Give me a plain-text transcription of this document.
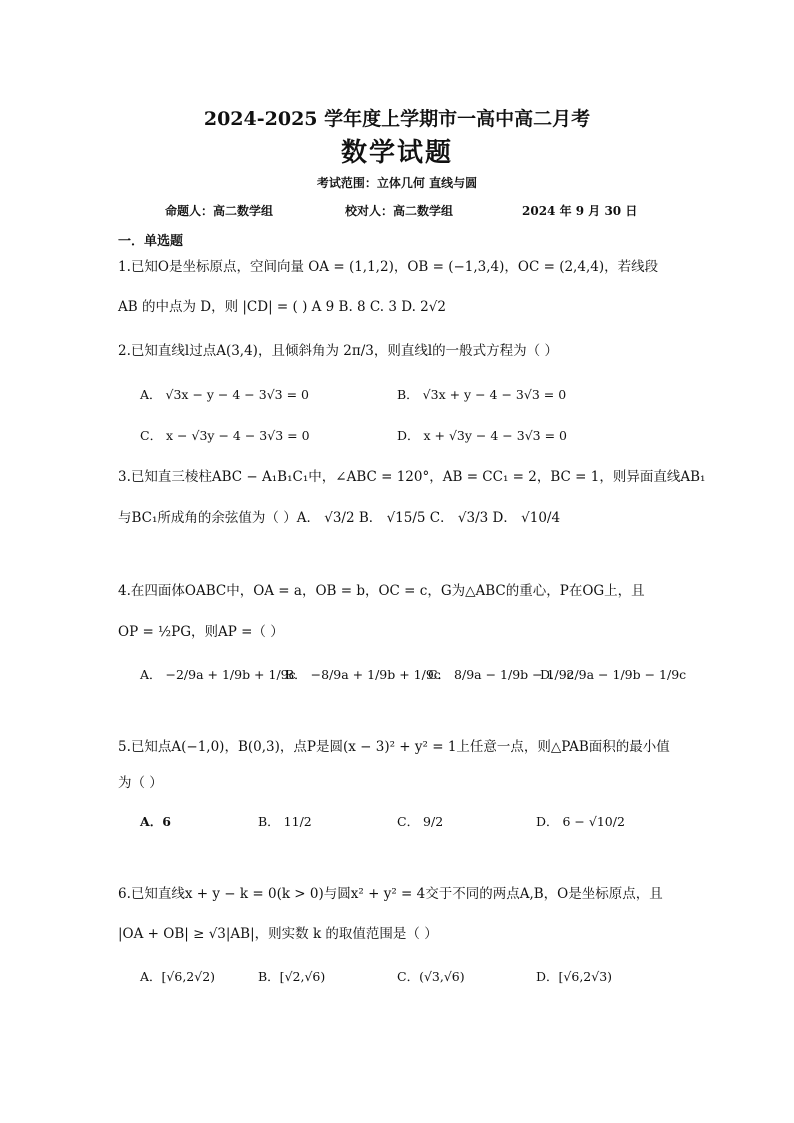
2024-2025 学年度上学期市一高中高二月考
数学试题
考试范围：立体几何 直线与圆
命题人：高二数学组	校对人：高二数学组	2024 年 9 月 30 日
一．单选题
1.已知O是坐标原点，空间向量 OA = (1,1,2)，OB = (−1,3,4)，OC = (2,4,4)，若线段
AB 的中点为 D，则 |CD| = ( ) A 9 B. 8 C. 3 D. 2√2
2.已知直线l过点A(3,4)，且倾斜角为 2π/3，则直线l的一般式方程为（ ）
A． √3x − y − 4 − 3√3 = 0	B． √3x + y − 4 − 3√3 = 0
C． x − √3y − 4 − 3√3 = 0	D． x + √3y − 4 − 3√3 = 0
3.已知直三棱柱ABC − A₁B₁C₁中，∠ABC = 120°，AB = CC₁ = 2，BC = 1，则异面直线AB₁
与BC₁所成角的余弦值为（ ）A． √3/2 B． √15/5 C． √3/3 D． √10/4
4.在四面体OABC中，OA = a，OB = b，OC = c，G为△ABC的重心，P在OG上，且
OP = ½PG，则AP =（ ）
A． −2/9a + 1/9b + 1/9c
B． −8/9a + 1/9b + 1/9c
C． 8/9a − 1/9b − 1/9c
D． 2/9a − 1/9b − 1/9c
5.已知点A(−1,0)，B(0,3)，点P是圆(x − 3)² + y² = 1上任意一点，则△PAB面积的最小值
为（ ）
A．6	B． 11/2	C． 9/2	D． 6 − √10/2
6.已知直线x + y − k = 0(k > 0)与圆x² + y² = 4交于不同的两点A,B，O是坐标原点，且
|OA + OB| ≥ √3|AB|，则实数 k 的取值范围是（ ）
A．[√6,2√2)	B．[√2,√6)	C．(√3,√6)	D．[√6,2√3)
